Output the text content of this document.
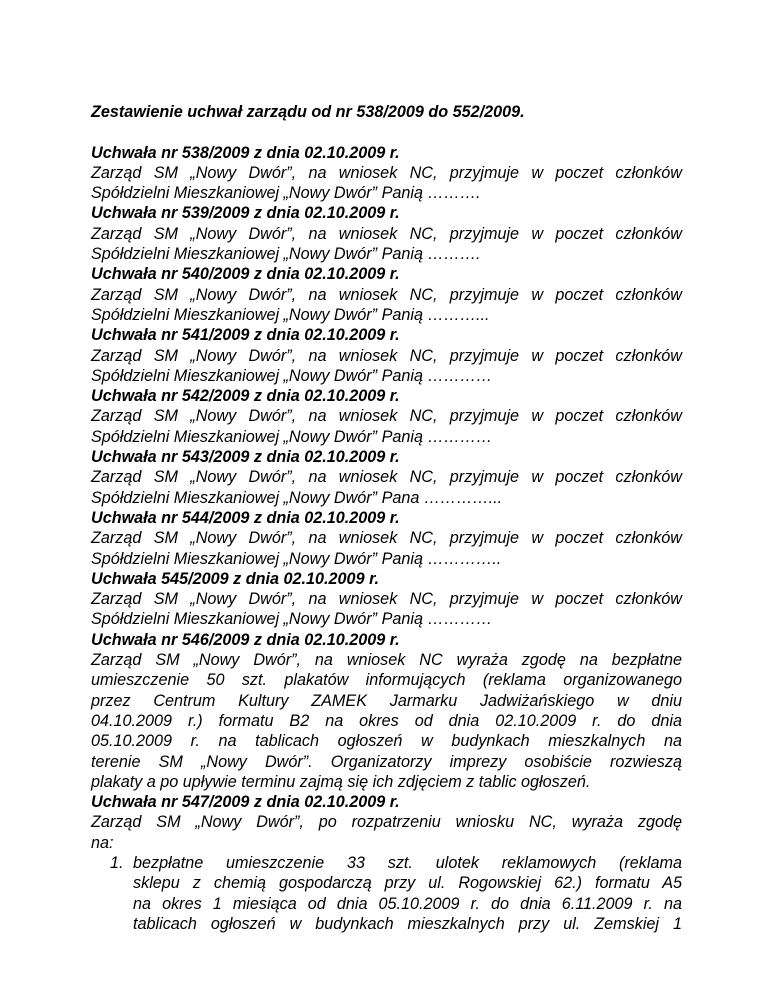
Zestawienie uchwał zarządu od nr 538/2009 do 552/2009.

Uchwała nr 538/2009 z dnia 02.10.2009 r.

Zarząd SM „Nowy Dwór”, na wniosek NC, przyjmuje w poczet członków

Spółdzielni Mieszkaniowej „Nowy Dwór” Panią ……….

Uchwała nr 539/2009 z dnia 02.10.2009 r.

Zarząd SM „Nowy Dwór”, na wniosek NC, przyjmuje w poczet członków

Spółdzielni Mieszkaniowej „Nowy Dwór” Panią ……….

Uchwała nr 540/2009 z dnia 02.10.2009 r.

Zarząd SM „Nowy Dwór”, na wniosek NC, przyjmuje w poczet członków

Spółdzielni Mieszkaniowej „Nowy Dwór” Panią ………...

Uchwała nr 541/2009 z dnia 02.10.2009 r.

Zarząd SM „Nowy Dwór”, na wniosek NC, przyjmuje w poczet członków

Spółdzielni Mieszkaniowej „Nowy Dwór” Panią …………

Uchwała nr 542/2009 z dnia 02.10.2009 r.

Zarząd SM „Nowy Dwór”, na wniosek NC, przyjmuje w poczet członków

Spółdzielni Mieszkaniowej „Nowy Dwór” Panią …………

Uchwała nr 543/2009 z dnia 02.10.2009 r.

Zarząd SM „Nowy Dwór”, na wniosek NC, przyjmuje w poczet członków

Spółdzielni Mieszkaniowej „Nowy Dwór” Pana …………...

Uchwała nr 544/2009 z dnia 02.10.2009 r.

Zarząd SM „Nowy Dwór”, na wniosek NC, przyjmuje w poczet członków

Spółdzielni Mieszkaniowej „Nowy Dwór” Panią …………..

Uchwała 545/2009 z dnia 02.10.2009 r.

Zarząd SM „Nowy Dwór”, na wniosek NC, przyjmuje w poczet członków

Spółdzielni Mieszkaniowej „Nowy Dwór” Panią …………

Uchwała nr 546/2009 z dnia 02.10.2009 r.

Zarząd SM „Nowy Dwór”, na wniosek NC wyraża zgodę na bezpłatne

umieszczenie 50 szt. plakatów informujących (reklama organizowanego

przez Centrum Kultury ZAMEK Jarmarku Jadwiżańskiego w dniu

04.10.2009 r.) formatu B2 na okres od dnia 02.10.2009 r. do dnia

05.10.2009 r. na tablicach ogłoszeń w budynkach mieszkalnych na

terenie SM „Nowy Dwór”. Organizatorzy imprezy osobiście rozwieszą

plakaty a po upływie terminu zajmą się ich zdjęciem z tablic ogłoszeń.

Uchwała nr 547/2009 z dnia 02.10.2009 r.

Zarząd SM „Nowy Dwór”, po rozpatrzeniu wniosku NC, wyraża zgodę

na:

1. bezpłatne umieszczenie 33 szt. ulotek reklamowych (reklama

sklepu z chemią gospodarczą przy ul. Rogowskiej 62.) formatu A5

na okres 1 miesiąca od dnia 05.10.2009 r. do dnia 6.11.2009 r. na

tablicach ogłoszeń w budynkach mieszkalnych przy ul. Zemskiej 1
